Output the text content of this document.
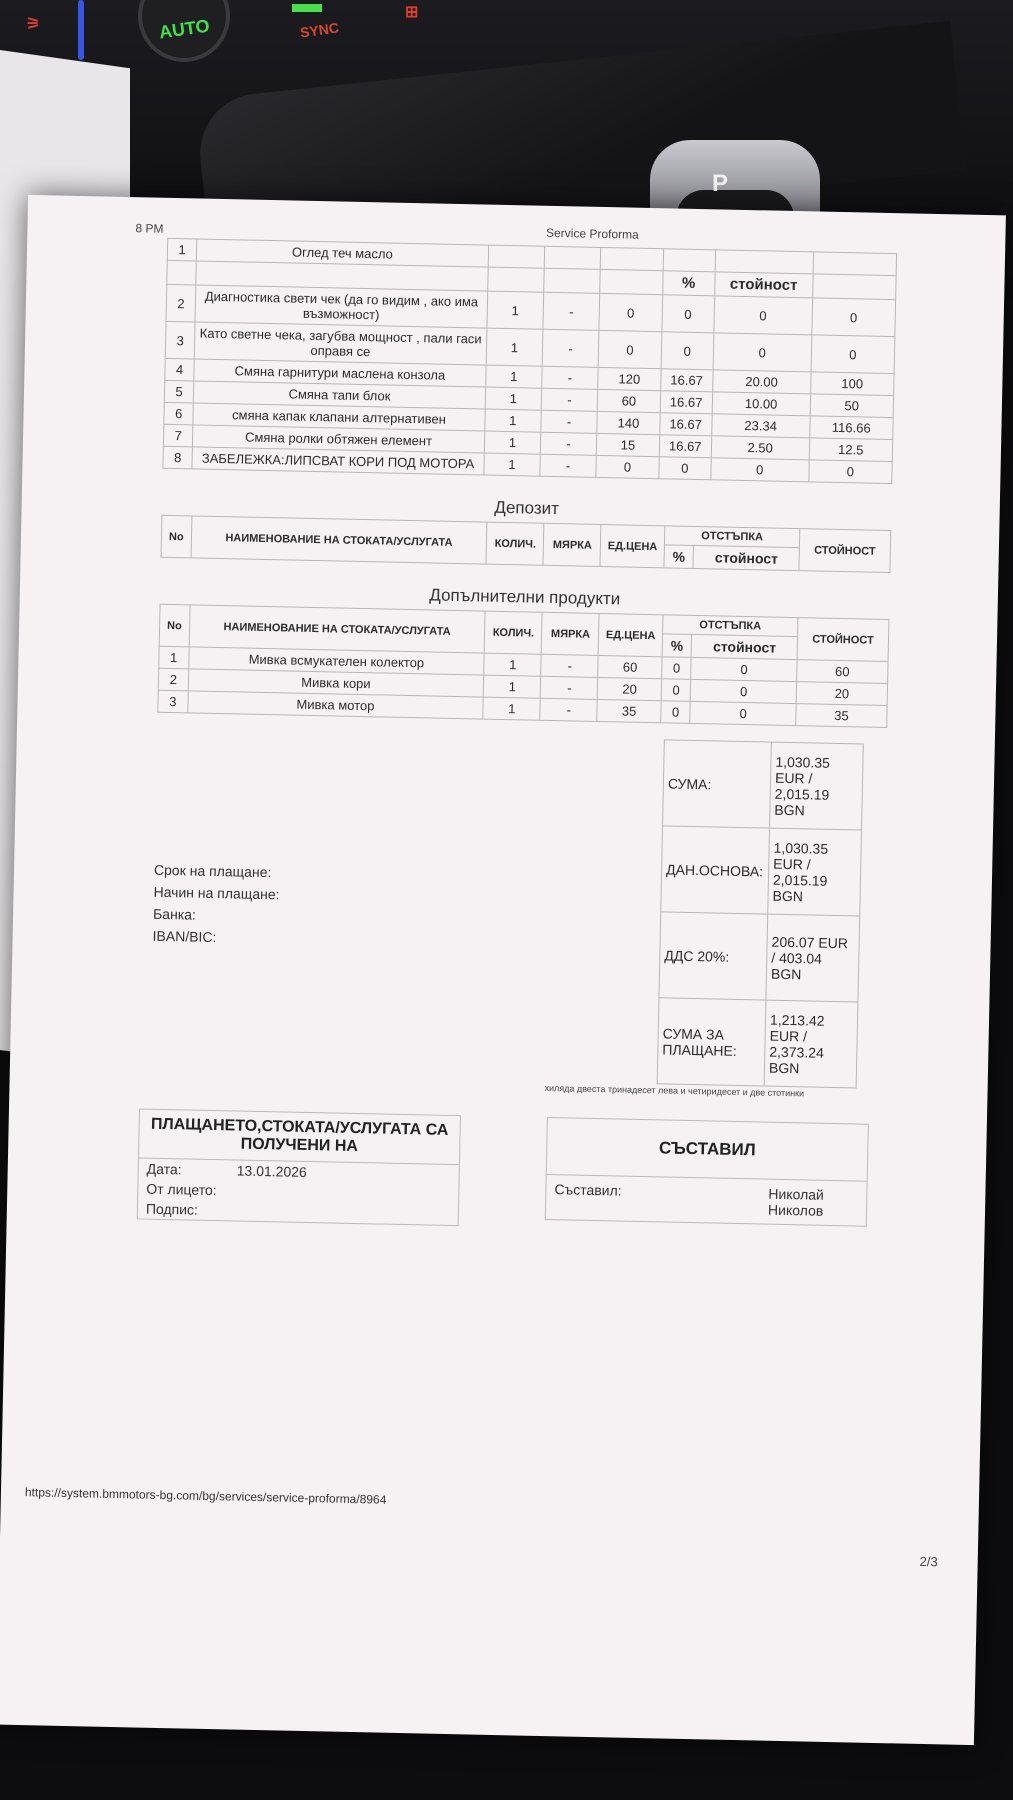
⚞	AUTO	SYNC
⊞
P
8 PM	Service Proforma
1	Оглед теч масло						
					%	стойност	
2	Диагностика свети чек (да го видим , ако има възможност)	1	-	0	0	0	0
3	Като светне чека, загубва мощност , пали гаси оправя се	1	-	0	0	0	0
4	Смяна гарнитури маслена конзола	1	-	120	16.67	20.00	100
5	Смяна тапи блок	1	-	60	16.67	10.00	50
6	смяна капак клапани алтернативен	1	-	140	16.67	23.34	116.66
7	Смяна ролки обтяжен елемент	1	-	15	16.67	2.50	12.5
8	ЗАБЕЛЕЖКА:ЛИПСВАТ КОРИ ПОД МОТОРА	1	-	0	0	0	0
Депозит
No	НАИМЕНОВАНИЕ НА СТОКАТА/УСЛУГАТА	КОЛИЧ.	МЯРКА	ЕД.ЦЕНА	ОТСТЪПКА		СТОЙНОСТ
					%	стойност	
Допълнителни продукти
No	НАИМЕНОВАНИЕ НА СТОКАТА/УСЛУГАТА	КОЛИЧ.	МЯРКА	ЕД.ЦЕНА	ОТСТЪПКА		СТОЙНОСТ
					%	стойност	
1	Мивка всмукателен колектор	1	-	60	0	0	60
2	Мивка кори	1	-	20	0	0	20
3	Мивка мотор	1	-	35	0	0	35
Срок на плащане:
Начин на плащане:
Банка:
IBAN/BIC:
СУМА:	1,030.35 EUR / 2,015.19 BGN
ДАН.ОСНОВА:	1,030.35 EUR / 2,015.19 BGN
ДДС 20%:	206.07 EUR / 403.04 BGN
СУМА ЗА ПЛАЩАНЕ:	1,213.42 EUR / 2,373.24 BGN
хиляда двеста тринадесет лева и четиридесет и две стотинки
ПЛАЩАНЕТО,СТОКАТА/УСЛУГАТА СА ПОЛУЧЕНИ НА
Дата:	13.01.2026
От лицето:
Подпис:
СЪСТАВИЛ
Съставил:	Николай Николов
https://system.bmmotors-bg.com/bg/services/service-proforma/8964
2/3
